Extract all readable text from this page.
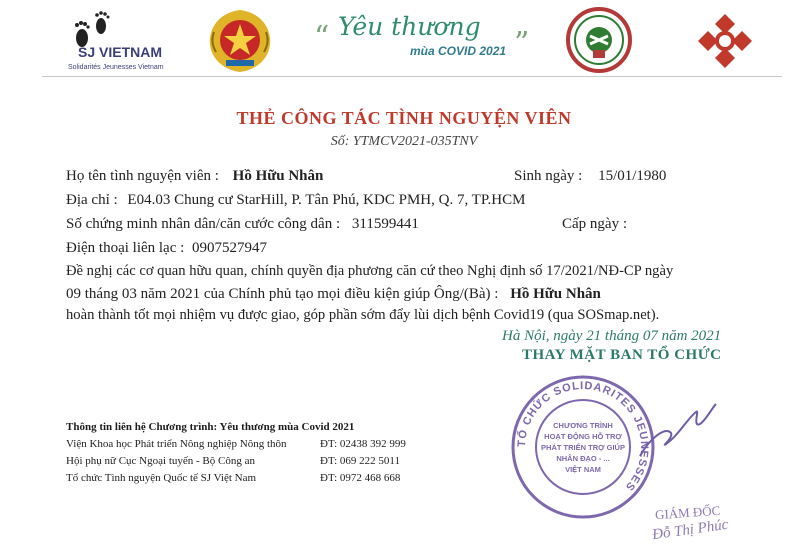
SJ VIETNAM
Solidarités Jeunesses Vietnam
“ Yêu thương
mùa COVID 2021 ”
THẺ CÔNG TÁC TÌNH NGUYỆN VIÊN
Số: YTMCV2021-035TNV
Họ tên tình nguyện viên : Hồ Hữu Nhân	Sinh ngày : 15/01/1980
Địa chỉ : E04.03 Chung cư StarHill, P. Tân Phú, KDC PMH, Q. 7, TP.HCM
Số chứng minh nhân dân/căn cước công dân : 311599441	Cấp ngày :
Điện thoại liên lạc : 0907527947
Đề nghị các cơ quan hữu quan, chính quyền địa phương căn cứ theo Nghị định số 17/2021/NĐ-CP ngày
09 tháng 03 năm 2021 của Chính phủ tạo mọi điều kiện giúp Ông/(Bà) : Hồ Hữu Nhân
hoàn thành tốt mọi nhiệm vụ được giao, góp phần sớm đẩy lùi dịch bệnh Covid19 (qua SOSmap.net).
Hà Nội, ngày 21 tháng 07 năm 2021
THAY MẶT BAN TỔ CHỨC
Thông tin liên hệ Chương trình: Yêu thương mùa Covid 2021
Viện Khoa học Phát triển Nông nghiệp Nông thôn	ĐT: 02438 392 999
Hội phụ nữ Cục Ngoại tuyến - Bộ Công an	ĐT: 069 222 5011
Tổ chức Tình nguyện Quốc tế SJ Việt Nam	ĐT: 0972 468 668
TỔ CHỨC SOLIDARITES JEUNESSES
CHƯƠNG TRÌNH
HOẠT ĐỘNG HỖ TRỢ
PHÁT TRIỂN TRỢ GIÚP
NHÂN ĐẠO - ...
VIỆT NAM
GIÁM ĐỐC
Đỗ Thị Phúc
